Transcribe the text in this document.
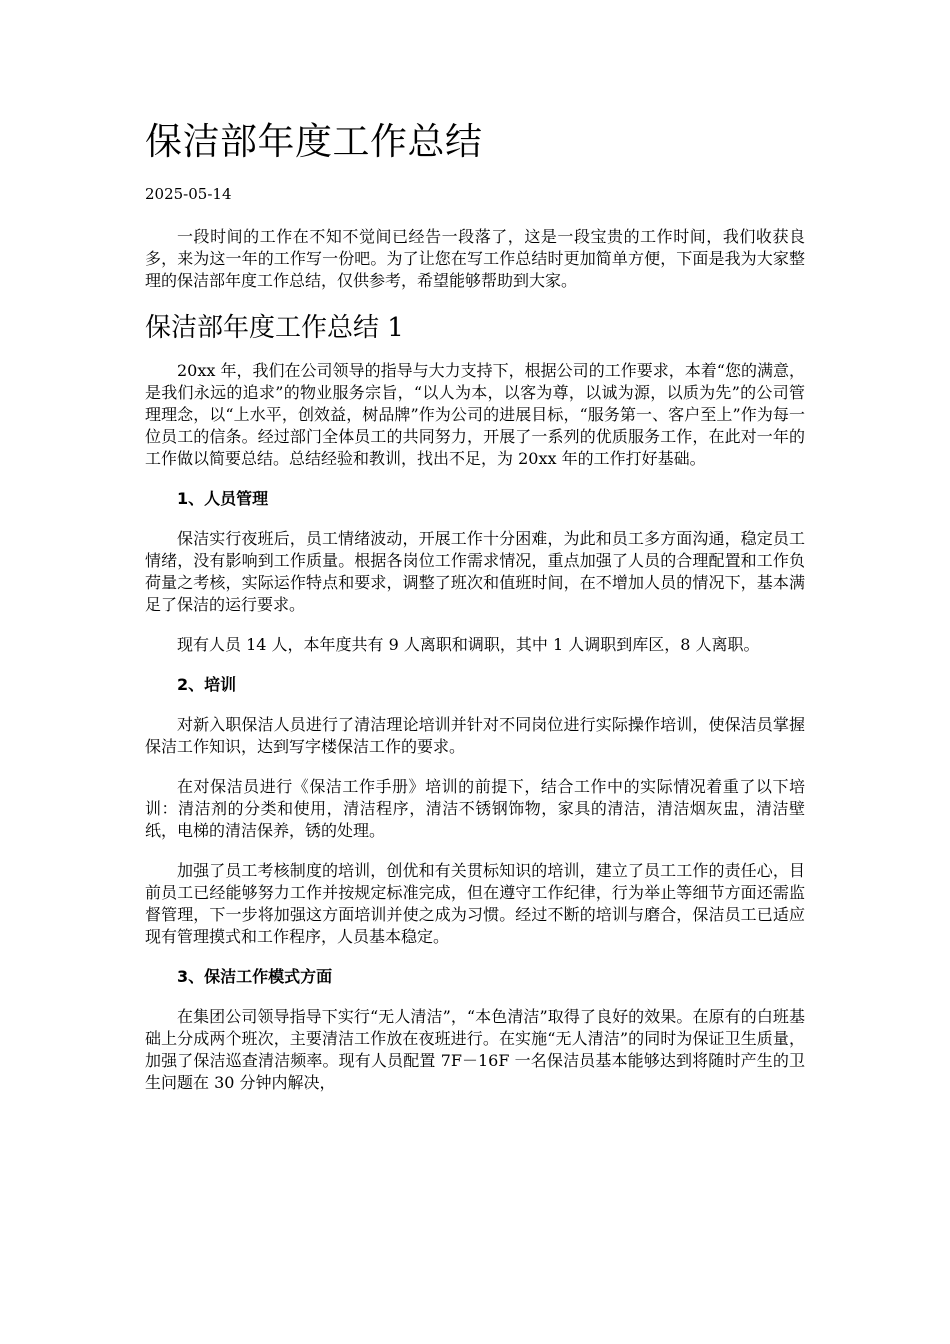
保洁部年度工作总结
2025-05-14

一段时间的工作在不知不觉间已经告一段落了，这是一段宝贵的工作时间，我们收获良多，来为这一年的工作写一份吧。为了让您在写工作总结时更加简单方便，下面是我为大家整理的保洁部年度工作总结，仅供参考，希望能够帮助到大家。

保洁部年度工作总结 1

20xx 年，我们在公司领导的指导与大力支持下，根据公司的工作要求，本着“您的满意，是我们永远的追求”的物业服务宗旨，“以人为本，以客为尊，以诚为源，以质为先”的公司管理理念，以“上水平，创效益，树品牌”作为公司的进展目标，“服务第一、客户至上”作为每一位员工的信条。经过部门全体员工的共同努力，开展了一系列的优质服务工作，在此对一年的工作做以简要总结。总结经验和教训，找出不足，为 20xx 年的工作打好基础。

1、人员管理

保洁实行夜班后，员工情绪波动，开展工作十分困难，为此和员工多方面沟通，稳定员工情绪，没有影响到工作质量。根据各岗位工作需求情况，重点加强了人员的合理配置和工作负荷量之考核，实际运作特点和要求，调整了班次和值班时间，在不增加人员的情况下，基本满足了保洁的运行要求。

现有人员 14 人，本年度共有 9 人离职和调职，其中 1 人调职到库区，8 人离职。

2、培训

对新入职保洁人员进行了清洁理论培训并针对不同岗位进行实际操作培训，使保洁员掌握保洁工作知识，达到写字楼保洁工作的要求。

在对保洁员进行《保洁工作手册》培训的前提下，结合工作中的实际情况着重了以下培训：清洁剂的分类和使用，清洁程序，清洁不锈钢饰物，家具的清洁，清洁烟灰盅，清洁壁纸，电梯的清洁保养，锈的处理。

加强了员工考核制度的培训，创优和有关贯标知识的培训，建立了员工工作的责任心，目前员工已经能够努力工作并按规定标准完成，但在遵守工作纪律，行为举止等细节方面还需监督管理，下一步将加强这方面培训并使之成为习惯。经过不断的培训与磨合，保洁员工已适应现有管理摸式和工作程序，人员基本稳定。

3、保洁工作模式方面

在集团公司领导指导下实行“无人清洁”，“本色清洁”取得了良好的效果。在原有的白班基础上分成两个班次，主要清洁工作放在夜班进行。在实施“无人清洁”的同时为保证卫生质量，加强了保洁巡查清洁频率。现有人员配置 7F－16F 一名保洁员基本能够达到将随时产生的卫生问题在 30 分钟内解决，
